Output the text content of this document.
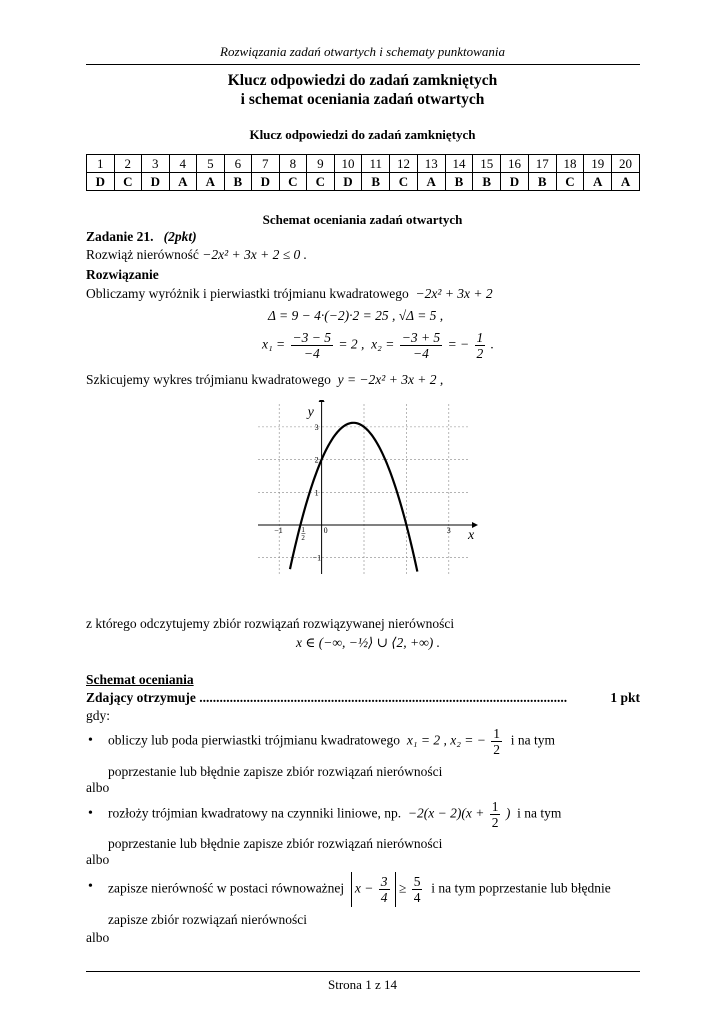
Rozwiązania zadań otwartych i schematy punktowania
Klucz odpowiedzi do zadań zamkniętych
i schemat oceniania zadań otwartych
Klucz odpowiedzi do zadań zamkniętych
1	2	3	4	5	6	7	8	9	10	11	12	13	14	15	16	17	18	19	20
D	C	D	A	A	B	D	C	C	D	B	C	A	B	B	D	B	C	A	A
Schemat oceniania zadań otwartych
Zadanie 21. (2pkt)
Rozwiąż nierówność −2x² + 3x + 2 ≤ 0 .
Rozwiązanie
Obliczamy wyróżnik i pierwiastki trójmianu kwadratowego −2x² + 3x + 2
Δ = 9 − 4·(−2)·2 = 25 , √Δ = 5 ,
$x_1 = \frac{-3 - 5}{-4} = 2$ , $x_2 = \frac{-3 + 5}{-4}$ = − $\frac{1}{2}$ .
Szkicujemy wykres trójmianu kwadratowego y = −2x² + 3x + 2 ,
x
y
−1	0
1
2
3
3
2
1
−1
z którego odczytujemy zbiór rozwiązań rozwiązywanej nierówności
x ∈ (−∞, −½⟩ ∪ ⟨2, +∞) .
Schemat oceniania
Zdający otrzymuje .............................................................................................................	1 pkt
gdy:
• obliczy lub poda pierwiastki trójmianu kwadratowego x₁ = 2 , x₂ = − $\frac{1}{2}$ i na tym
poprzestanie lub błędnie zapisze zbiór rozwiązań nierówności
albo
• rozłoży trójmian kwadratowy na czynniki liniowe, np. $-2(x - 2)(x + \frac{1}{2}$ ) i na tym
poprzestanie lub błędnie zapisze zbiór rozwiązań nierówności
albo
• zapisze nierówność w postaci równoważnej $x - \frac{3}{4} \ge \frac{5}{4}$ i na tym poprzestanie lub błędnie
zapisze zbiór rozwiązań nierówności
albo
Strona 1 z 14
